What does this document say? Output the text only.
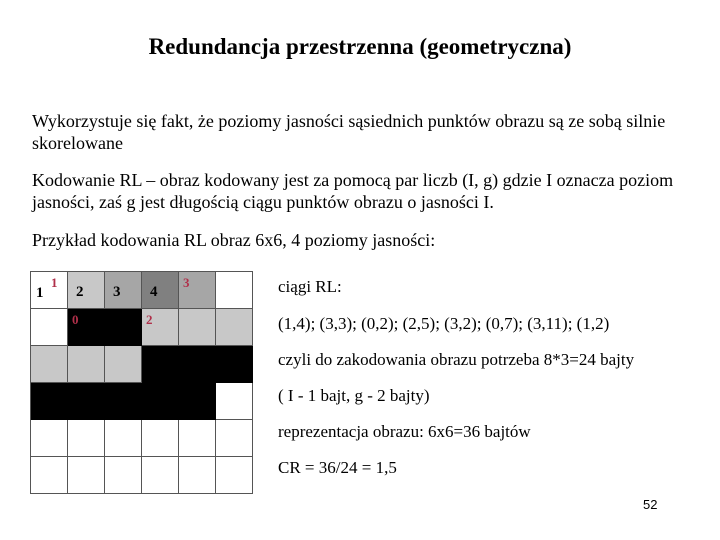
Redundancja przestrzenna (geometryczna)
Wykorzystuje się fakt, że poziomy jasności sąsiednich punktów obrazu są ze sobą silnie skorelowane
Kodowanie RL – obraz kodowany jest za pomocą par liczb (I, g) gdzie I oznacza poziom jasności, zaś g jest długością ciągu punktów obrazu o jasności I.
Przykład kodowania RL obraz 6x6, 4 poziomy jasności:
1
1
2 3 4
3
0	2
ciągi RL:
(1,4); (3,3); (0,2); (2,5); (3,2); (0,7); (3,11); (1,2)
czyli do zakodowania obrazu potrzeba 8*3=24 bajty
( I - 1 bajt, g - 2 bajty)
reprezentacja obrazu: 6x6=36 bajtów
CR = 36/24 = 1,5
52
